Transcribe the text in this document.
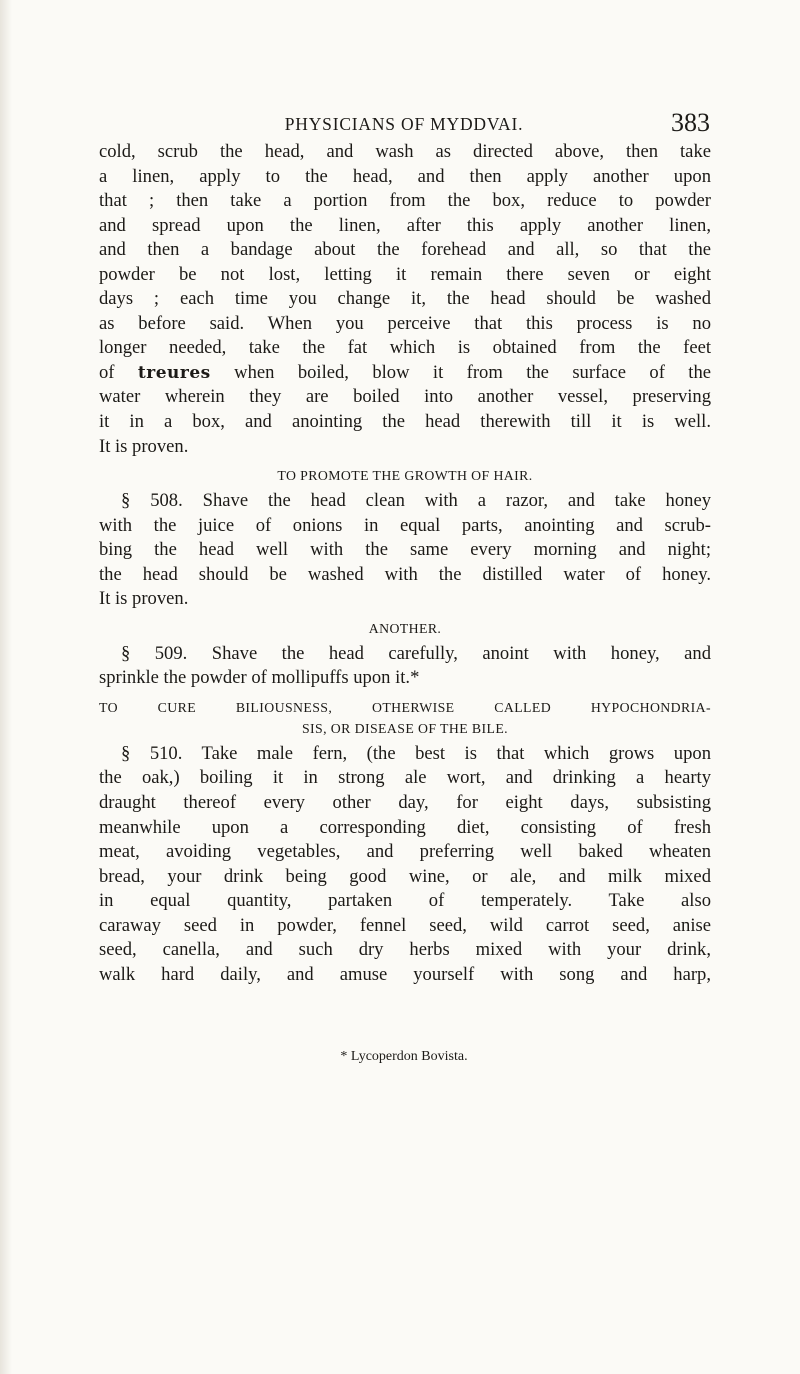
PHYSICIANS OF MYDDVAI.	383
cold, scrub the head, and wash as directed above, then take
a linen, apply to the head, and then apply another upon
that ; then take a portion from the box, reduce to powder
and spread upon the linen, after this apply another linen,
and then a bandage about the forehead and all, so that the
powder be not lost, letting it remain there seven or eight
days ; each time you change it, the head should be washed
as before said. When you perceive that this process is no
longer needed, take the fat which is obtained from the feet
of treures when boiled, blow it from the surface of the
water wherein they are boiled into another vessel, preserving
it in a box, and anointing the head therewith till it is well.
It is proven.
TO PROMOTE THE GROWTH OF HAIR.
§ 508. Shave the head clean with a razor, and take honey
with the juice of onions in equal parts, anointing and scrub-
bing the head well with the same every morning and night;
the head should be washed with the distilled water of honey.
It is proven.
ANOTHER.
§ 509. Shave the head carefully, anoint with honey, and
sprinkle the powder of mollipuffs upon it.*
TO CURE BILIOUSNESS, OTHERWISE CALLED HYPOCHONDRIA-
SIS, OR DISEASE OF THE BILE.
§ 510. Take male fern, (the best is that which grows upon
the oak,) boiling it in strong ale wort, and drinking a hearty
draught thereof every other day, for eight days, subsisting
meanwhile upon a corresponding diet, consisting of fresh
meat, avoiding vegetables, and preferring well baked wheaten
bread, your drink being good wine, or ale, and milk mixed
in equal quantity, partaken of temperately. Take also
caraway seed in powder, fennel seed, wild carrot seed, anise
seed, canella, and such dry herbs mixed with your drink,
walk hard daily, and amuse yourself with song and harp,
* Lycoperdon Bovista.
